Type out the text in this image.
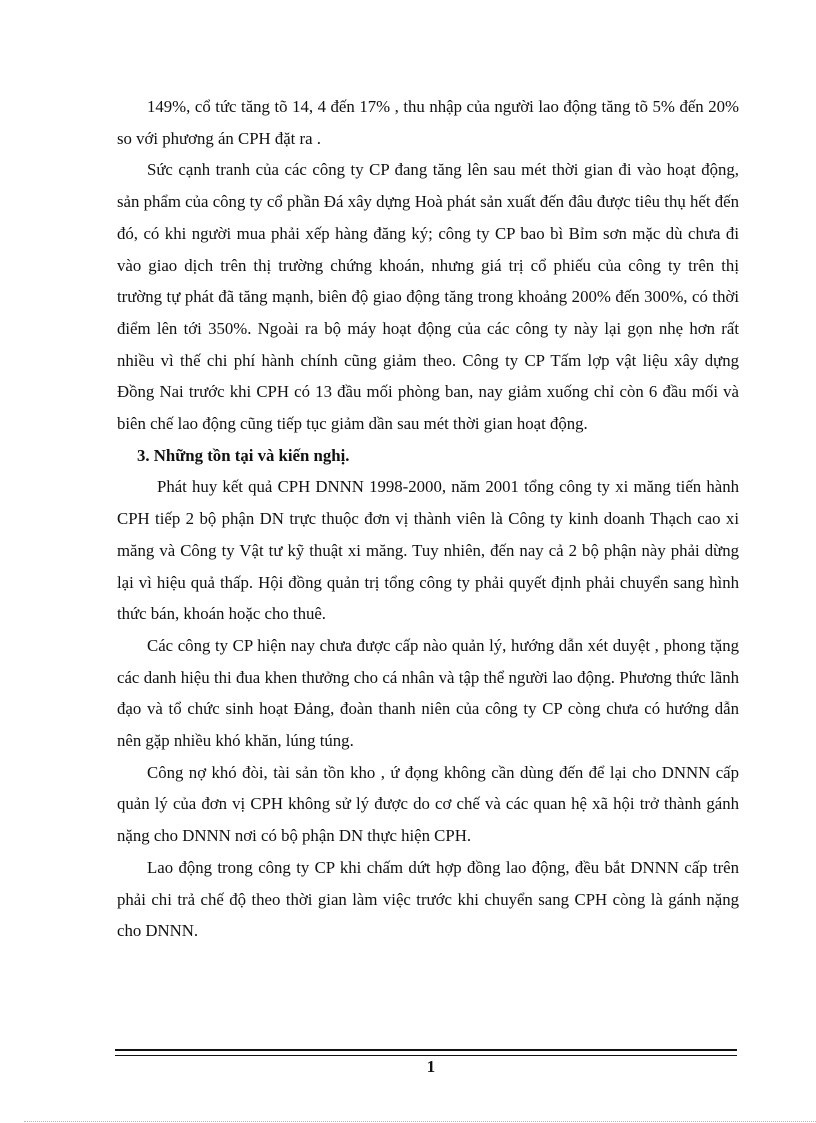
149%, cổ tức tăng tõ 14, 4 đến 17% , thu nhập của người lao động tăng tõ 5% đến 20% so với phương án CPH đặt ra .

Sức cạnh tranh của các công ty CP đang tăng lên sau mét thời gian đi vào hoạt động, sản phẩm của công ty cổ phần Đá xây dựng Hoà phát sản xuất đến đâu được tiêu thụ hết đến đó, có khi người mua phải xếp hàng đăng ký; công ty CP bao bì Bỉm sơn mặc dù chưa đi vào giao dịch trên thị trường chứng khoán, nhưng giá trị cổ phiếu của công ty trên thị trường tự phát đã tăng mạnh, biên độ giao động tăng trong khoảng 200% đến 300%, có thời điểm lên tới 350%. Ngoài ra bộ máy hoạt động của các công ty này lại gọn nhẹ hơn rất nhiều vì thế chi phí hành chính cũng giảm theo. Công ty CP Tấm lợp vật liệu xây dựng Đồng Nai trước khi CPH có 13 đầu mối phòng ban, nay giảm xuống chỉ còn 6 đầu mối và biên chế lao động cũng tiếp tục giảm dần sau mét thời gian hoạt động.

3. Những tồn tại và kiến nghị.

Phát huy kết quả CPH DNNN 1998-2000, năm 2001 tổng công ty xi măng tiến hành CPH tiếp 2 bộ phận DN trực thuộc đơn vị thành viên là Công ty kinh doanh Thạch cao xi măng và Công ty Vật tư kỹ thuật xi măng. Tuy nhiên, đến nay cả 2 bộ phận này phải dừng lại vì hiệu quả thấp. Hội đồng quản trị tổng công ty phải quyết định phải chuyển sang hình thức bán, khoán hoặc cho thuê.

Các công ty CP hiện nay chưa được cấp nào quản lý, hướng dẫn xét duyệt , phong tặng các danh hiệu thi đua khen thưởng cho cá nhân và tập thể người lao động. Phương thức lãnh đạo và tổ chức sinh hoạt Đảng, đoàn thanh niên của công ty CP còng chưa có hướng dẫn nên gặp nhiều khó khăn, lúng túng.

Công nợ khó đòi, tài sản tồn kho , ứ đọng không cần dùng đến để lại cho DNNN cấp quản lý của đơn vị CPH không sử lý được do cơ chế và các quan hệ xã hội trở thành gánh nặng cho DNNN nơi có bộ phận DN thực hiện CPH.

Lao động trong công ty CP khi chấm dứt hợp đồng lao động, đều bắt DNNN cấp trên phải chi trả chế độ theo thời gian làm việc trước khi chuyển sang CPH còng là gánh nặng cho DNNN.

1
